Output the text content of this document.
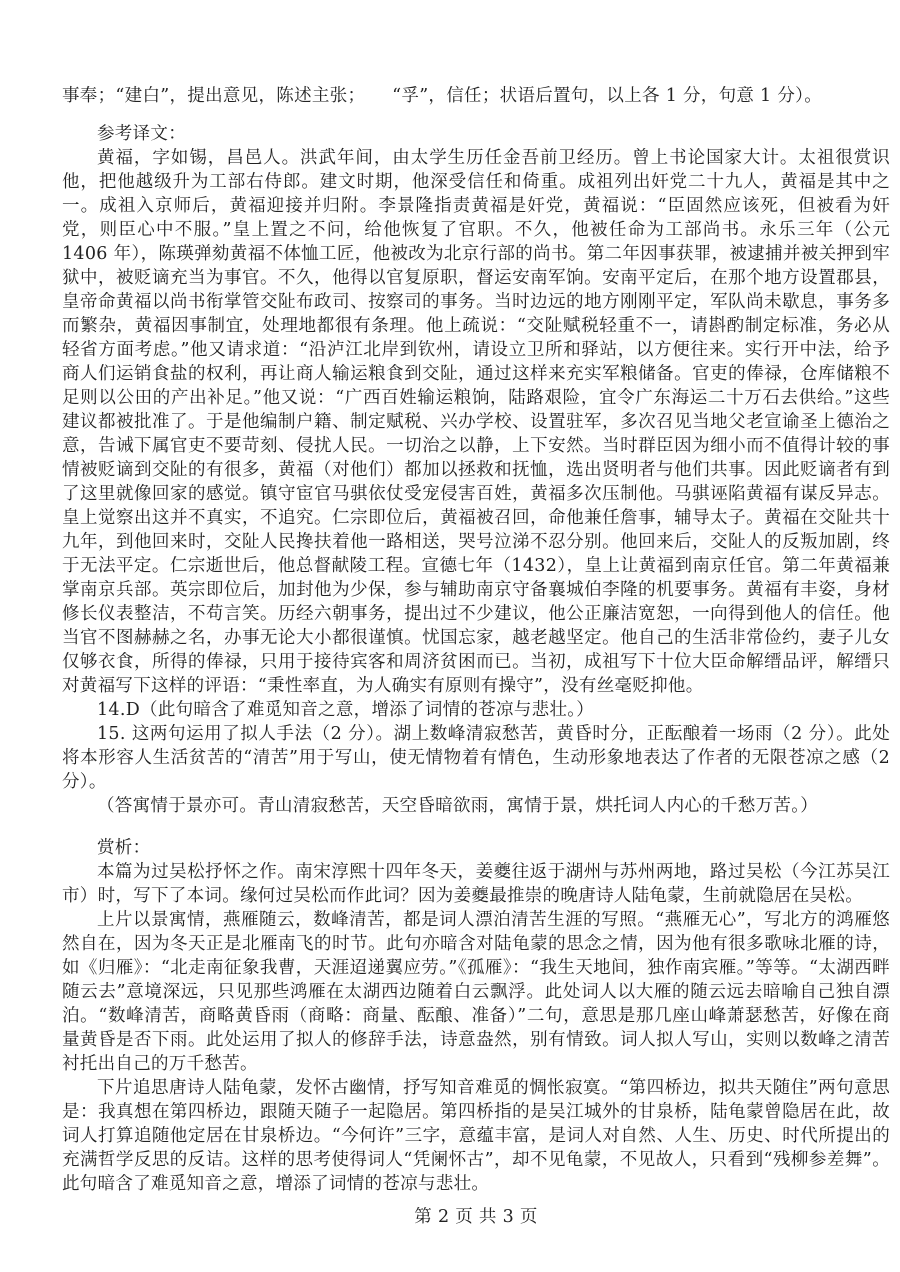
事奉；“建白”，提出意见，陈述主张；　　“孚”，信任；状语后置句，以上各 1 分，句意 1 分）。

参考译文：

黄福，字如锡，昌邑人。洪武年间，由太学生历任金吾前卫经历。曾上书论国家大计。太祖很赏识他，把他越级升为工部右侍郎。建文时期，他深受信任和倚重。成祖列出奸党二十九人，黄福是其中之一。成祖入京师后，黄福迎接并归附。李景隆指责黄福是奸党，黄福说：“臣固然应该死，但被看为奸党，则臣心中不服。”皇上置之不问，给他恢复了官职。不久，他被任命为工部尚书。永乐三年（公元 1406 年），陈瑛弹劾黄福不体恤工匠，他被改为北京行部的尚书。第二年因事获罪，被逮捕并被关押到牢狱中，被贬谪充当为事官。不久，他得以官复原职，督运安南军饷。安南平定后，在那个地方设置郡县，皇帝命黄福以尚书衔掌管交阯布政司、按察司的事务。当时边远的地方刚刚平定，军队尚未歇息，事务多而繁杂，黄福因事制宜，处理地都很有条理。他上疏说：“交阯赋税轻重不一，请斟酌制定标准，务必从轻省方面考虑。”他又请求道：“沿泸江北岸到钦州，请设立卫所和驿站，以方便往来。实行开中法，给予商人们运销食盐的权利，再让商人输运粮食到交阯，通过这样来充实军粮储备。官吏的俸禄，仓库储粮不足则以公田的产出补足。”他又说：“广西百姓输运粮饷，陆路艰险，宜令广东海运二十万石去供给。”这些建议都被批准了。于是他编制户籍、制定赋税、兴办学校、设置驻军，多次召见当地父老宣谕圣上德治之意，告诫下属官吏不要苛刻、侵扰人民。一切治之以静，上下安然。当时群臣因为细小而不值得计较的事情被贬谪到交阯的有很多，黄福（对他们）都加以拯救和抚恤，选出贤明者与他们共事。因此贬谪者有到了这里就像回家的感觉。镇守宦官马骐依仗受宠侵害百姓，黄福多次压制他。马骐诬陷黄福有谋反异志。皇上觉察出这并不真实，不追究。仁宗即位后，黄福被召回，命他兼任詹事，辅导太子。黄福在交阯共十九年，到他回来时，交阯人民搀扶着他一路相送，哭号泣涕不忍分别。他回来后，交阯人的反叛加剧，终于无法平定。仁宗逝世后，他总督献陵工程。宣德七年（1432），皇上让黄福到南京任官。第二年黄福兼掌南京兵部。英宗即位后，加封他为少保，参与辅助南京守备襄城伯李隆的机要事务。黄福有丰姿，身材修长仪表整洁，不苟言笑。历经六朝事务，提出过不少建议，他公正廉洁宽恕，一向得到他人的信任。他当官不图赫赫之名，办事无论大小都很谨慎。忧国忘家，越老越坚定。他自己的生活非常俭约，妻子儿女仅够衣食，所得的俸禄，只用于接待宾客和周济贫困而已。当初，成祖写下十位大臣命解缙品评，解缙只对黄福写下这样的评语：“秉性率直，为人确实有原则有操守”，没有丝毫贬抑他。

14.D（此句暗含了难觅知音之意，增添了词情的苍凉与悲壮。）

15. 这两句运用了拟人手法（2 分）。湖上数峰清寂愁苦，黄昏时分，正酝酿着一场雨（2 分）。此处将本形容人生活贫苦的“清苦”用于写山，使无情物着有情色，生动形象地表达了作者的无限苍凉之感（2 分）。

（答寓情于景亦可。青山清寂愁苦，天空昏暗欲雨，寓情于景，烘托词人内心的千愁万苦。）

赏析：

本篇为过吴松抒怀之作。南宋淳熙十四年冬天，姜夔往返于湖州与苏州两地，路过吴松（今江苏吴江市）时，写下了本词。缘何过吴松而作此词？因为姜夔最推崇的晚唐诗人陆龟蒙，生前就隐居在吴松。

上片以景寓情，燕雁随云，数峰清苦，都是词人漂泊清苦生涯的写照。“燕雁无心”，写北方的鸿雁悠然自在，因为冬天正是北雁南飞的时节。此句亦暗含对陆龟蒙的思念之情，因为他有很多歌咏北雁的诗，如《归雁》：“北走南征象我曹，天涯迢递翼应劳。”《孤雁》：“我生天地间，独作南宾雁。”等等。“太湖西畔随云去”意境深远，只见那些鸿雁在太湖西边随着白云飘浮。此处词人以大雁的随云远去暗喻自己独自漂泊。“数峰清苦，商略黄昏雨（商略：商量、酝酿、准备）”二句，意思是那几座山峰萧瑟愁苦，好像在商量黄昏是否下雨。此处运用了拟人的修辞手法，诗意盎然，别有情致。词人拟人写山，实则以数峰之清苦衬托出自己的万千愁苦。

下片追思唐诗人陆龟蒙，发怀古幽情，抒写知音难觅的惆怅寂寞。“第四桥边，拟共天随住”两句意思是：我真想在第四桥边，跟随天随子一起隐居。第四桥指的是吴江城外的甘泉桥，陆龟蒙曾隐居在此，故词人打算追随他定居在甘泉桥边。“今何许”三字，意蕴丰富，是词人对自然、人生、历史、时代所提出的充满哲学反思的反诘。这样的思考使得词人“凭阑怀古”，却不见龟蒙，不见故人，只看到“残柳参差舞”。此句暗含了难觅知音之意，增添了词情的苍凉与悲壮。

第 2 页 共 3 页
